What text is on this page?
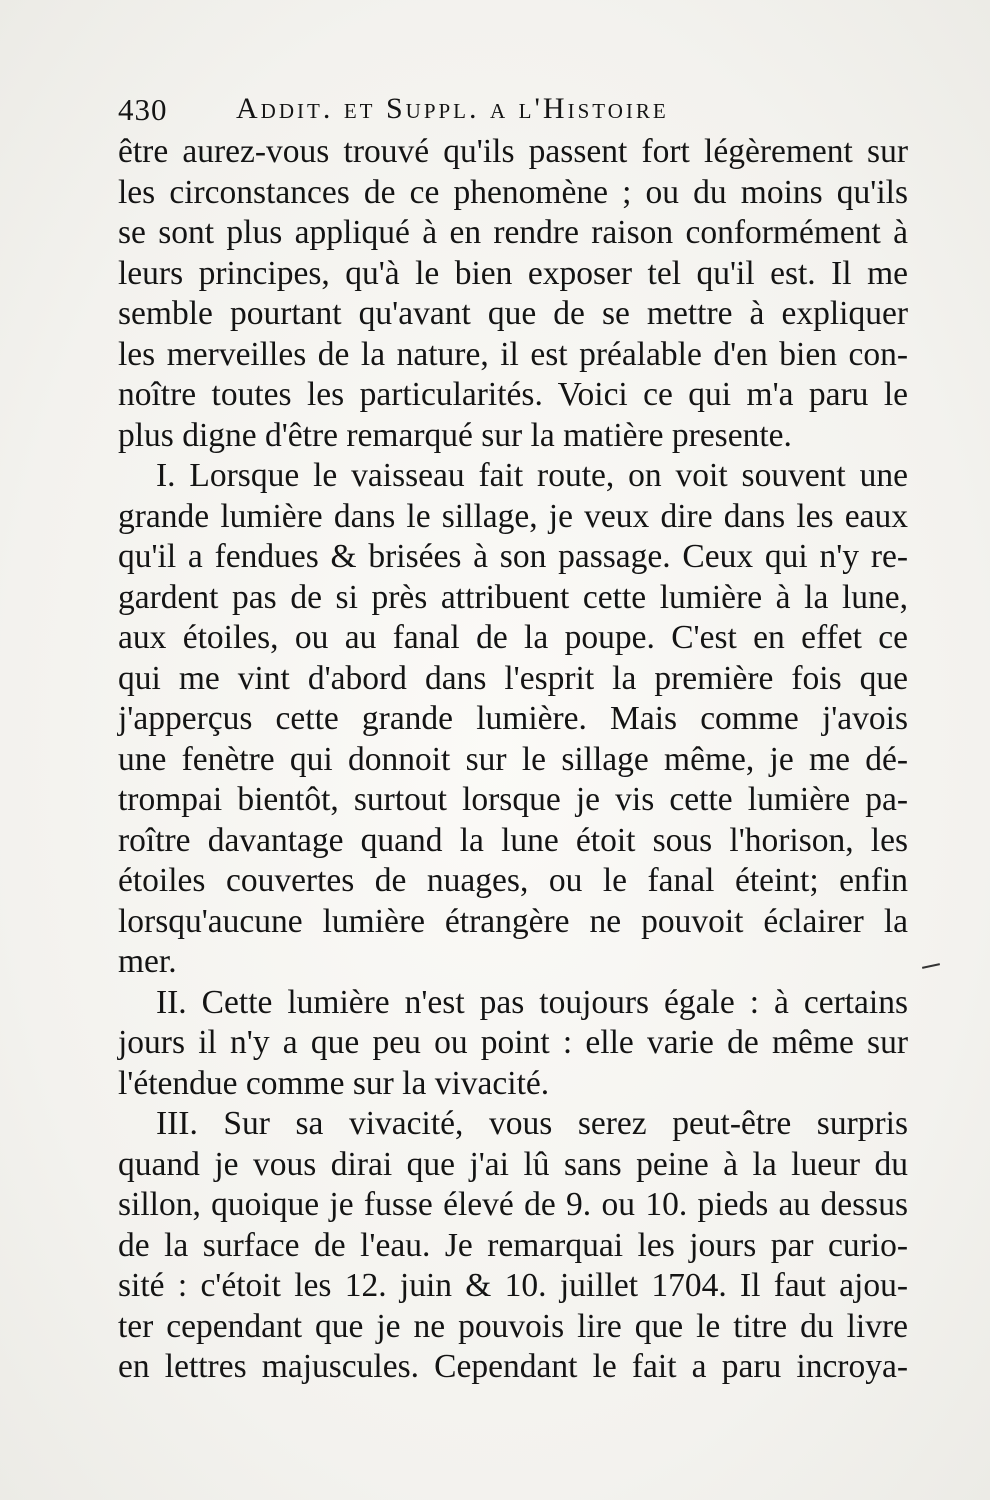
430 Addit. et Suppl. a l'Histoire

être aurez-vous trouvé qu'ils passent fort légèrement sur
les circonstances de ce phenomène ; ou du moins qu'ils
se sont plus appliqué à en rendre raison conformément à
leurs principes, qu'à le bien exposer tel qu'il est. Il me
semble pourtant qu'avant que de se mettre à expliquer
les merveilles de la nature, il est préalable d'en bien con-
noître toutes les particularités. Voici ce qui m'a paru le
plus digne d'être remarqué sur la matière presente.

I. Lorsque le vaisseau fait route, on voit souvent une
grande lumière dans le sillage, je veux dire dans les eaux
qu'il a fendues & brisées à son passage. Ceux qui n'y re-
gardent pas de si près attribuent cette lumière à la lune,
aux étoiles, ou au fanal de la poupe. C'est en effet ce
qui me vint d'abord dans l'esprit la première fois que
j'apperçus cette grande lumière. Mais comme j'avois
une fenètre qui donnoit sur le sillage même, je me dé-
trompai bientôt, surtout lorsque je vis cette lumière pa-
roître davantage quand la lune étoit sous l'horison, les
étoiles couvertes de nuages, ou le fanal éteint; enfin
lorsqu'aucune lumière étrangère ne pouvoit éclairer la
mer.

II. Cette lumière n'est pas toujours égale : à certains
jours il n'y a que peu ou point : elle varie de même sur
l'étendue comme sur la vivacité.

III. Sur sa vivacité, vous serez peut-être surpris
quand je vous dirai que j'ai lû sans peine à la lueur du
sillon, quoique je fusse élevé de 9. ou 10. pieds au dessus
de la surface de l'eau. Je remarquai les jours par curio-
sité : c'étoit les 12. juin & 10. juillet 1704. Il faut ajou-
ter cependant que je ne pouvois lire que le titre du livre
en lettres majuscules. Cependant le fait a paru incroya-
